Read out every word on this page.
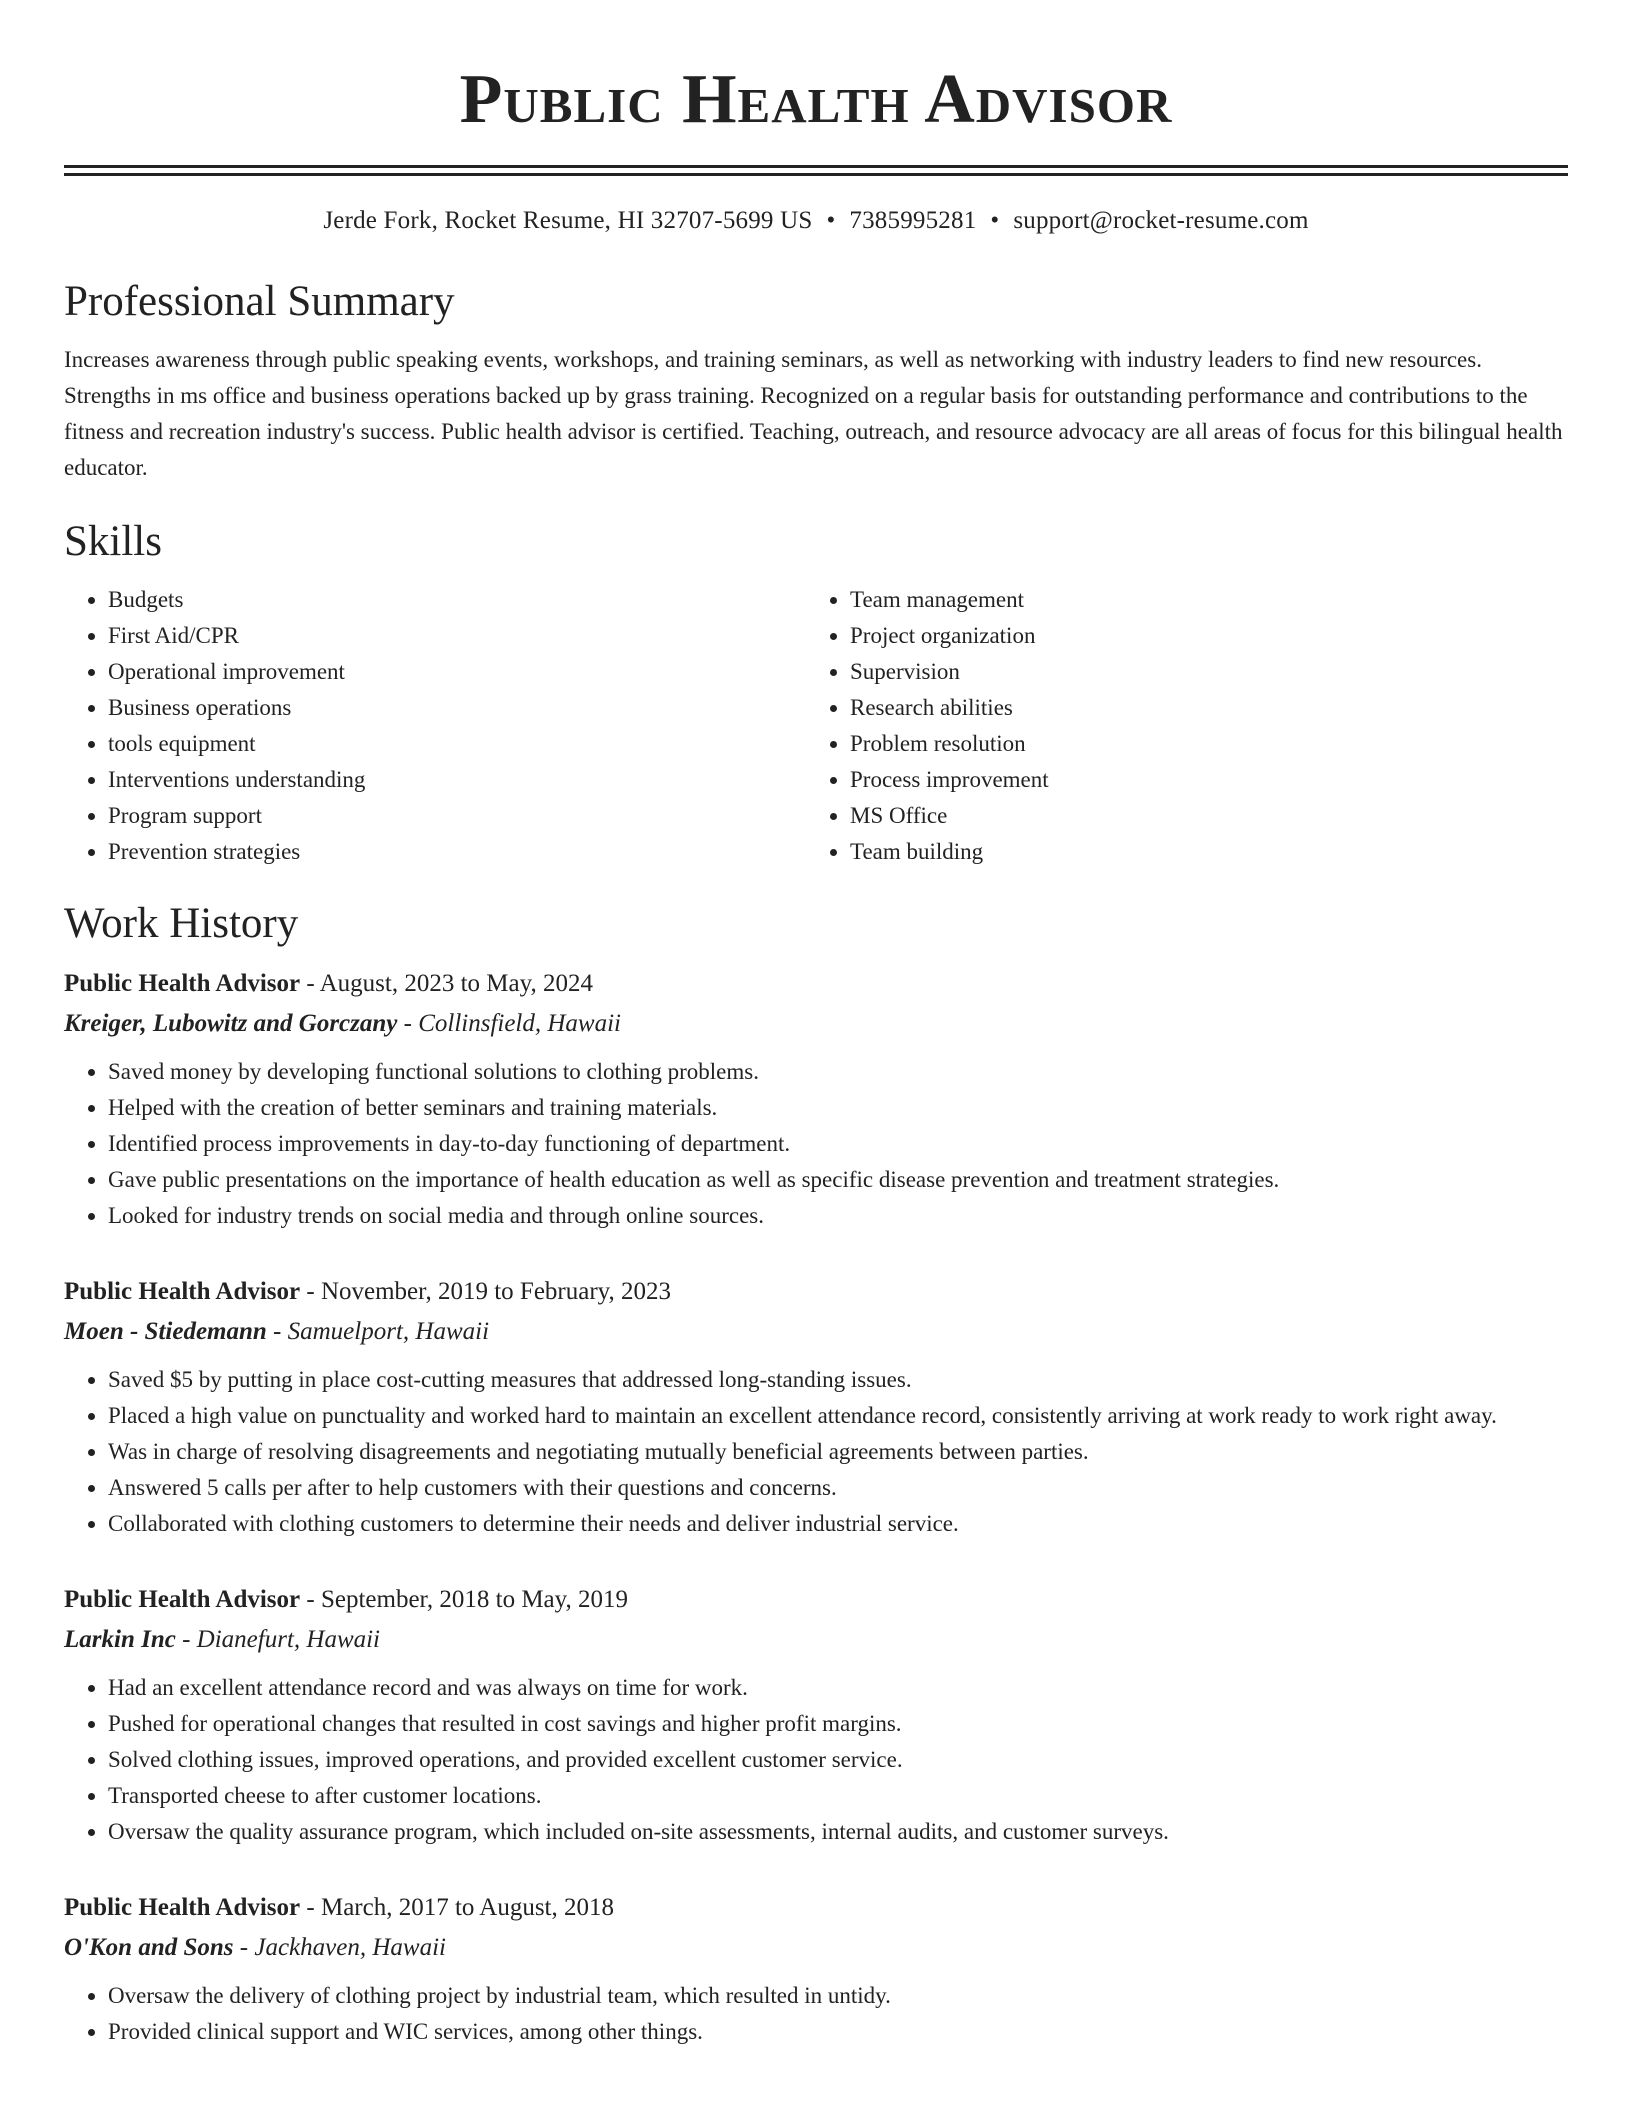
Public Health Advisor
Jerde Fork, Rocket Resume, HI 32707-5699 US • 7385995281 • support@rocket-resume.com
Professional Summary
Increases awareness through public speaking events, workshops, and training seminars, as well as networking with industry leaders to find new resources. Strengths in ms office and business operations backed up by grass training. Recognized on a regular basis for outstanding performance and contributions to the fitness and recreation industry's success. Public health advisor is certified. Teaching, outreach, and resource advocacy are all areas of focus for this bilingual health educator.
Skills
• Budgets
• First Aid/CPR
• Operational improvement
• Business operations
• tools equipment
• Interventions understanding
• Program support
• Prevention strategies
• Team management
• Project organization
• Supervision
• Research abilities
• Problem resolution
• Process improvement
• MS Office
• Team building
Work History
Public Health Advisor - August, 2023 to May, 2024
Kreiger, Lubowitz and Gorczany - Collinsfield, Hawaii
• Saved money by developing functional solutions to clothing problems.
• Helped with the creation of better seminars and training materials.
• Identified process improvements in day-to-day functioning of department.
• Gave public presentations on the importance of health education as well as specific disease prevention and treatment strategies.
• Looked for industry trends on social media and through online sources.
Public Health Advisor - November, 2019 to February, 2023
Moen - Stiedemann - Samuelport, Hawaii
• Saved $5 by putting in place cost-cutting measures that addressed long-standing issues.
• Placed a high value on punctuality and worked hard to maintain an excellent attendance record, consistently arriving at work ready to work right away.
• Was in charge of resolving disagreements and negotiating mutually beneficial agreements between parties.
• Answered 5 calls per after to help customers with their questions and concerns.
• Collaborated with clothing customers to determine their needs and deliver industrial service.
Public Health Advisor - September, 2018 to May, 2019
Larkin Inc - Dianefurt, Hawaii
• Had an excellent attendance record and was always on time for work.
• Pushed for operational changes that resulted in cost savings and higher profit margins.
• Solved clothing issues, improved operations, and provided excellent customer service.
• Transported cheese to after customer locations.
• Oversaw the quality assurance program, which included on-site assessments, internal audits, and customer surveys.
Public Health Advisor - March, 2017 to August, 2018
O'Kon and Sons - Jackhaven, Hawaii
• Oversaw the delivery of clothing project by industrial team, which resulted in untidy.
• Provided clinical support and WIC services, among other things.
